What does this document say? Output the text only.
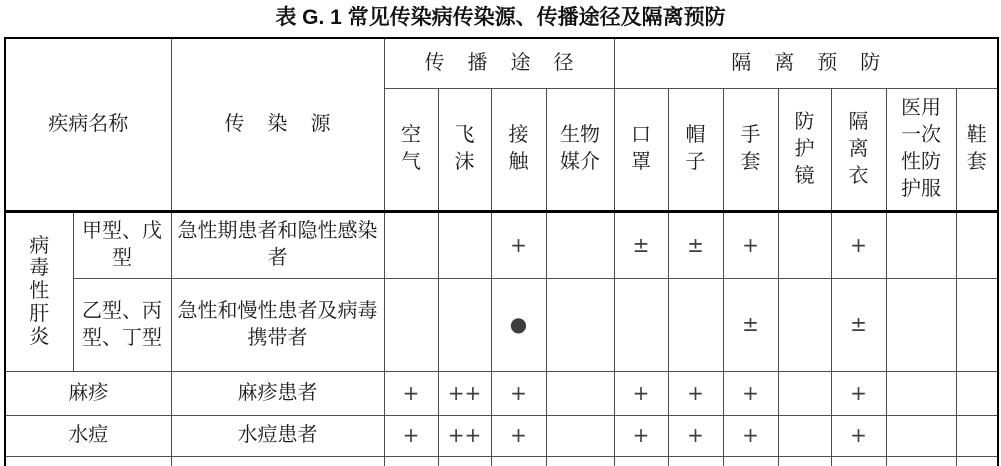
表 G. 1 常见传染病传染源、传播途径及隔离预防
疾病名称		传 染 源	传 播 途 径				隔 离 预 防						

			空气	飞沫	接触	生物媒介	口罩	帽子	手套	防护镜	隔离衣	医用一次性防护服	鞋套

病毒性肝炎	甲型、戊型	急性期患者和隐性感染者			+		±	±	+		+		
	乙型、丙型、丁型	急性和慢性患者及病毒携带者			●				±		±		
麻疹		麻疹患者	+	++	+		+	+	+		+		
水痘		水痘患者	+	++	+		+	+	+		+		
